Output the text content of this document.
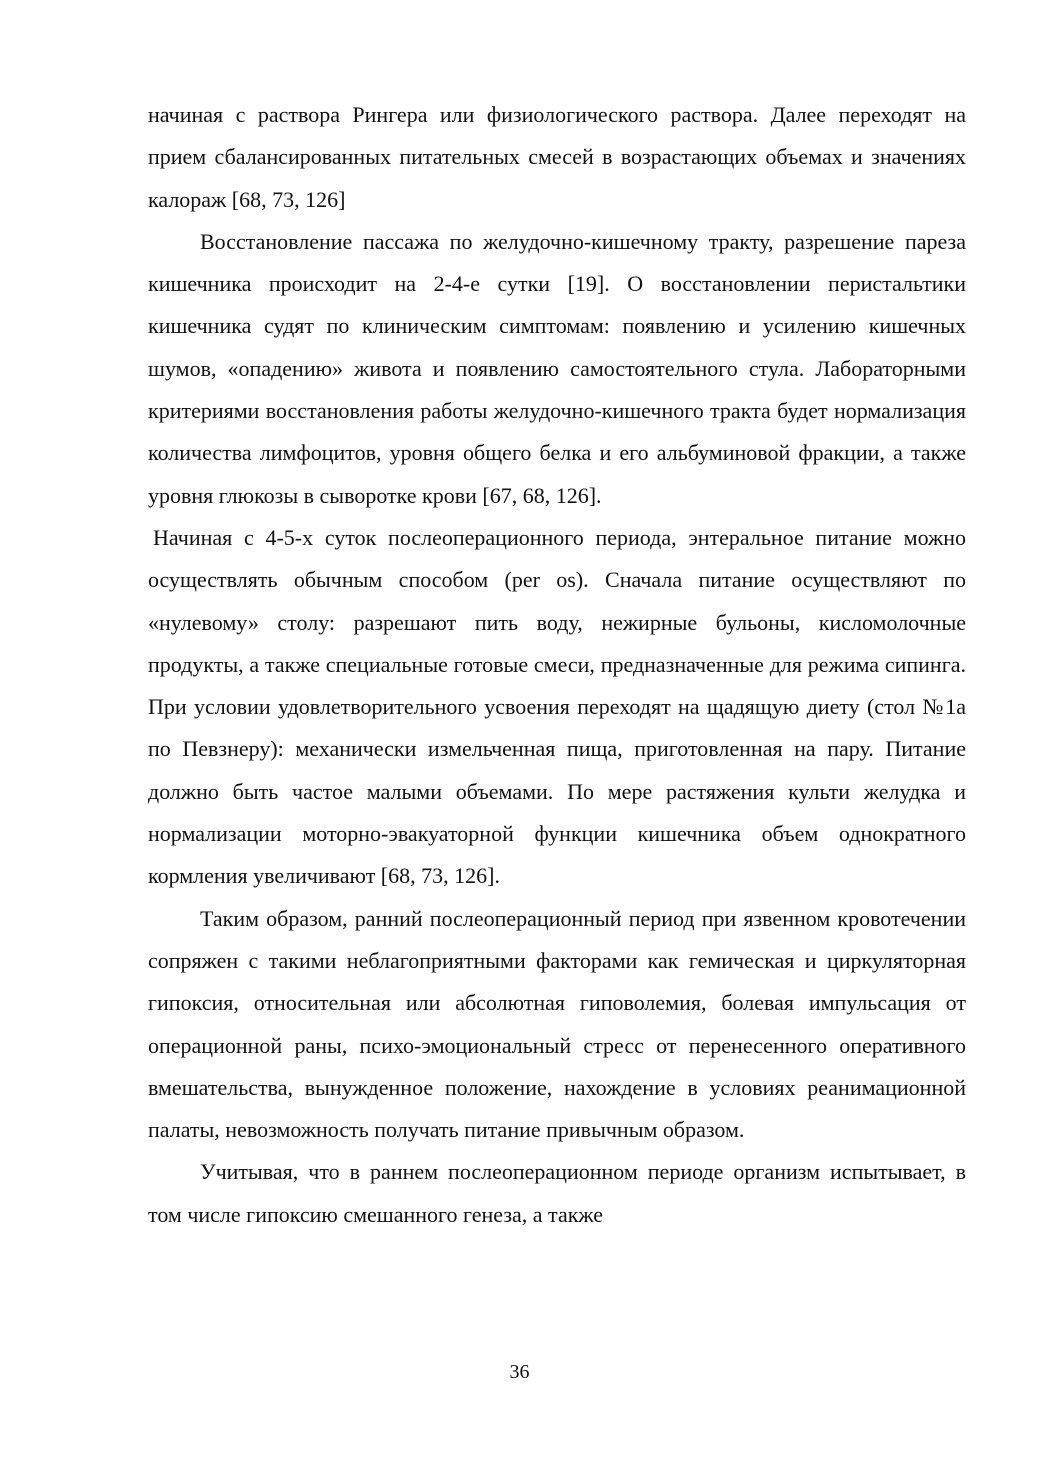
начиная с раствора Рингера или физиологического раствора. Далее переходят на прием сбалансированных питательных смесей в возрастающих объемах и значениях калораж [68, 73, 126]

Восстановление пассажа по желудочно-кишечному тракту, разрешение пареза кишечника происходит на 2-4-е сутки [19]. О восстановлении перистальтики кишечника судят по клиническим симптомам: появлению и усилению кишечных шумов, «опадению» живота и появлению самостоятельного стула. Лабораторными критериями восстановления работы желудочно-кишечного тракта будет нормализация количества лимфоцитов, уровня общего белка и его альбуминовой фракции, а также уровня глюкозы в сыворотке крови [67, 68, 126].

Начиная с 4-5-х суток послеоперационного периода, энтеральное питание можно осуществлять обычным способом (per os). Сначала питание осуществляют по «нулевому» столу: разрешают пить воду, нежирные бульоны, кисломолочные продукты, а также специальные готовые смеси, предназначенные для режима сипинга. При условии удовлетворительного усвоения переходят на щадящую диету (стол №1а по Певзнеру): механически измельченная пища, приготовленная на пару. Питание должно быть частое малыми объемами. По мере растяжения культи желудка и нормализации моторно-эвакуаторной функции кишечника объем однократного кормления увеличивают [68, 73, 126].

Таким образом, ранний послеоперационный период при язвенном кровотечении сопряжен с такими неблагоприятными факторами как гемическая и циркуляторная гипоксия, относительная или абсолютная гиповолемия, болевая импульсация от операционной раны, психо-эмоциональный стресс от перенесенного оперативного вмешательства, вынужденное положение, нахождение в условиях реанимационной палаты, невозможность получать питание привычным образом.

Учитывая, что в раннем послеоперационном периоде организм испытывает, в том числе гипоксию смешанного генеза, а также

36
